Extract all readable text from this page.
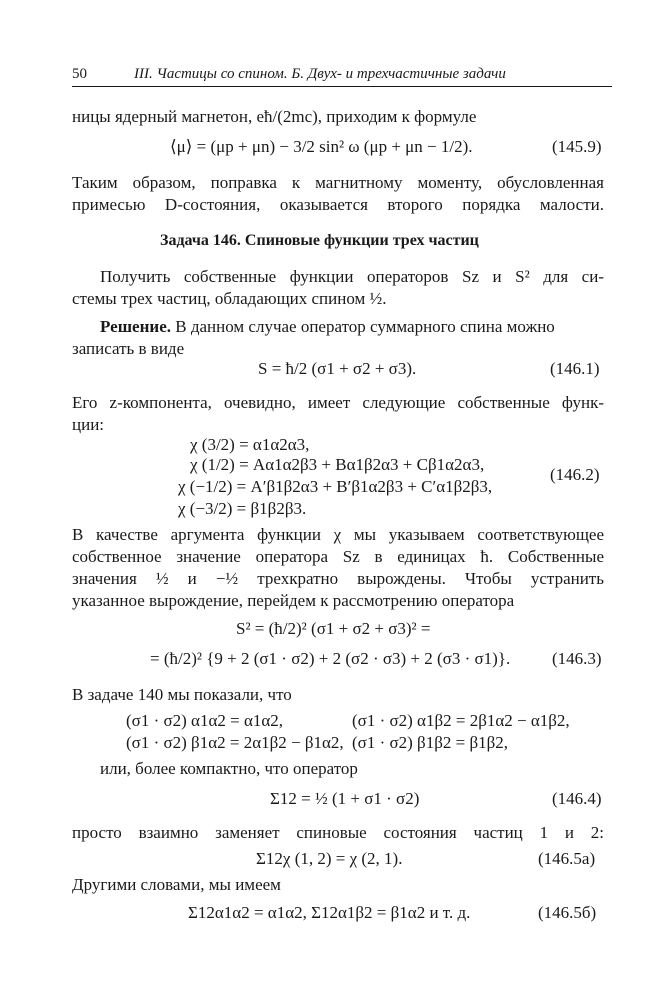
50	III. Частицы со спином. Б. Двух- и трехчастичные задачи
ницы ядерный магнетон, eħ/(2mc), приходим к формуле
⟨μ⟩ = (μp + μn) − 3/2 sin² ω (μp + μn − 1/2).	(145.9)
Таким образом, поправка к магнитному моменту, обусловленная
примесью D-состояния, оказывается второго порядка малости.
Задача 146. Спиновые функции трех частиц
Получить собственные функции операторов Sz и S² для си-
стемы трех частиц, обладающих спином ½.
Решение. В данном случае оператор суммарного спина можно
записать в виде
S = ħ/2 (σ1 + σ2 + σ3).	(146.1)
Его z-компонента, очевидно, имеет следующие собственные функ-
ции:
χ (3/2) = α1α2α3,
χ (1/2) = Aα1α2β3 + Bα1β2α3 + Cβ1α2α3,
χ (−1/2) = A′β1β2α3 + B′β1α2β3 + C′α1β2β3,
χ (−3/2) = β1β2β3.
(146.2)
В качестве аргумента функции χ мы указываем соответствующее
собственное значение оператора Sz в единицах ħ. Собственные
значения ½ и −½ трехкратно вырождены. Чтобы устранить
указанное вырождение, перейдем к рассмотрению оператора
S² = (ħ/2)² (σ1 + σ2 + σ3)² =
= (ħ/2)² {9 + 2 (σ1 · σ2) + 2 (σ2 · σ3) + 2 (σ3 · σ1)}. (146.3)
В задаче 140 мы показали, что
(σ1 · σ2) α1α2 = α1α2,	(σ1 · σ2) α1β2 = 2β1α2 − α1β2,
(σ1 · σ2) β1α2 = 2α1β2 − β1α2, (σ1 · σ2) β1β2 = β1β2,
или, более компактно, что оператор
Σ12 = ½ (1 + σ1 · σ2)	(146.4)
просто взаимно заменяет спиновые состояния частиц 1 и 2:
Σ12χ (1, 2) = χ (2, 1).	(146.5а)
Другими словами, мы имеем
Σ12α1α2 = α1α2, Σ12α1β2 = β1α2 и т. д.	(146.5б)
